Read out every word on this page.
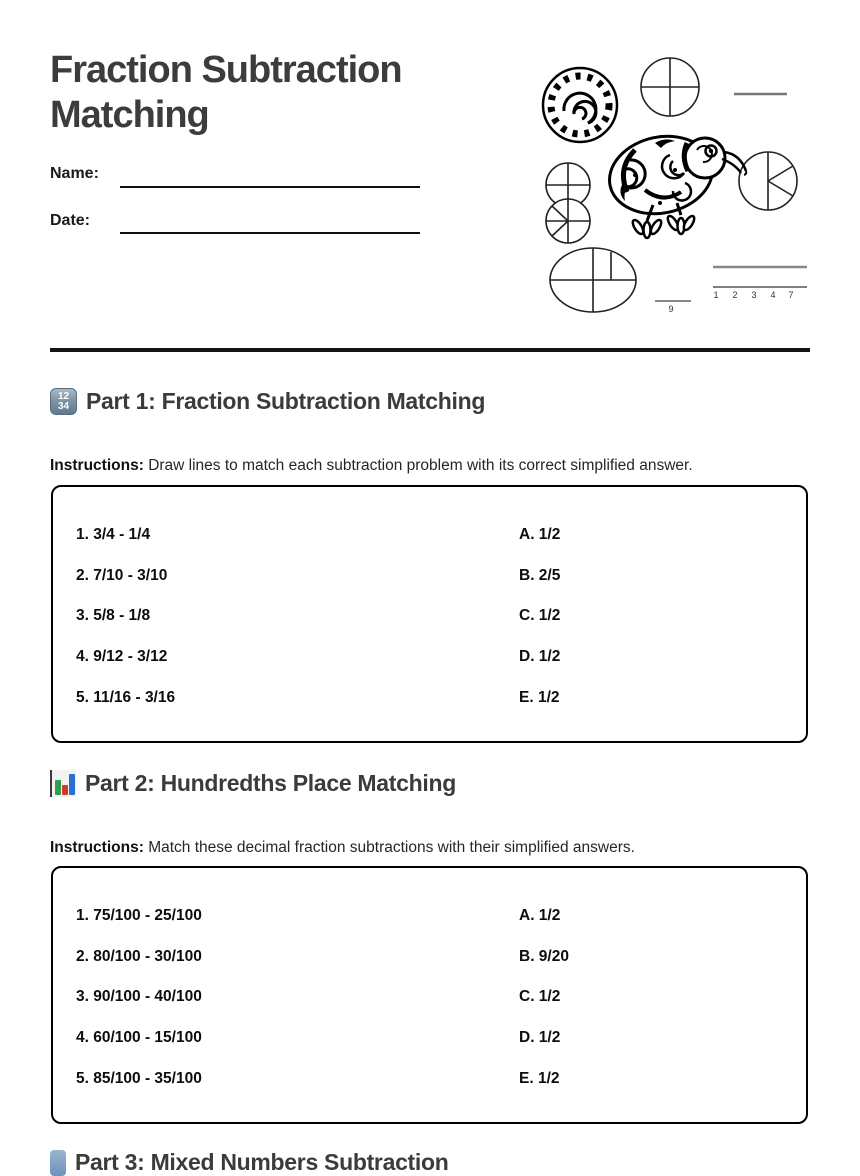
Fraction Subtraction Matching
Name:
Date:
1 2 3 4 7
9
12
34 Part 1: Fraction Subtraction Matching

Instructions: Draw lines to match each subtraction problem with its correct simplified answer.

1. 3/4 - 1/4	A. 1/2
2. 7/10 - 3/10	B. 2/5
3. 5/8 - 1/8	C. 1/2
4. 9/12 - 3/12	D. 1/2
5. 11/16 - 3/16	E. 1/2
Part 2: Hundredths Place Matching

Instructions: Match these decimal fraction subtractions with their simplified answers.

1. 75/100 - 25/100	A. 1/2
2. 80/100 - 30/100	B. 9/20
3. 90/100 - 40/100	C. 1/2
4. 60/100 - 15/100	D. 1/2
5. 85/100 - 35/100	E. 1/2
Part 3: Mixed Numbers Subtraction
